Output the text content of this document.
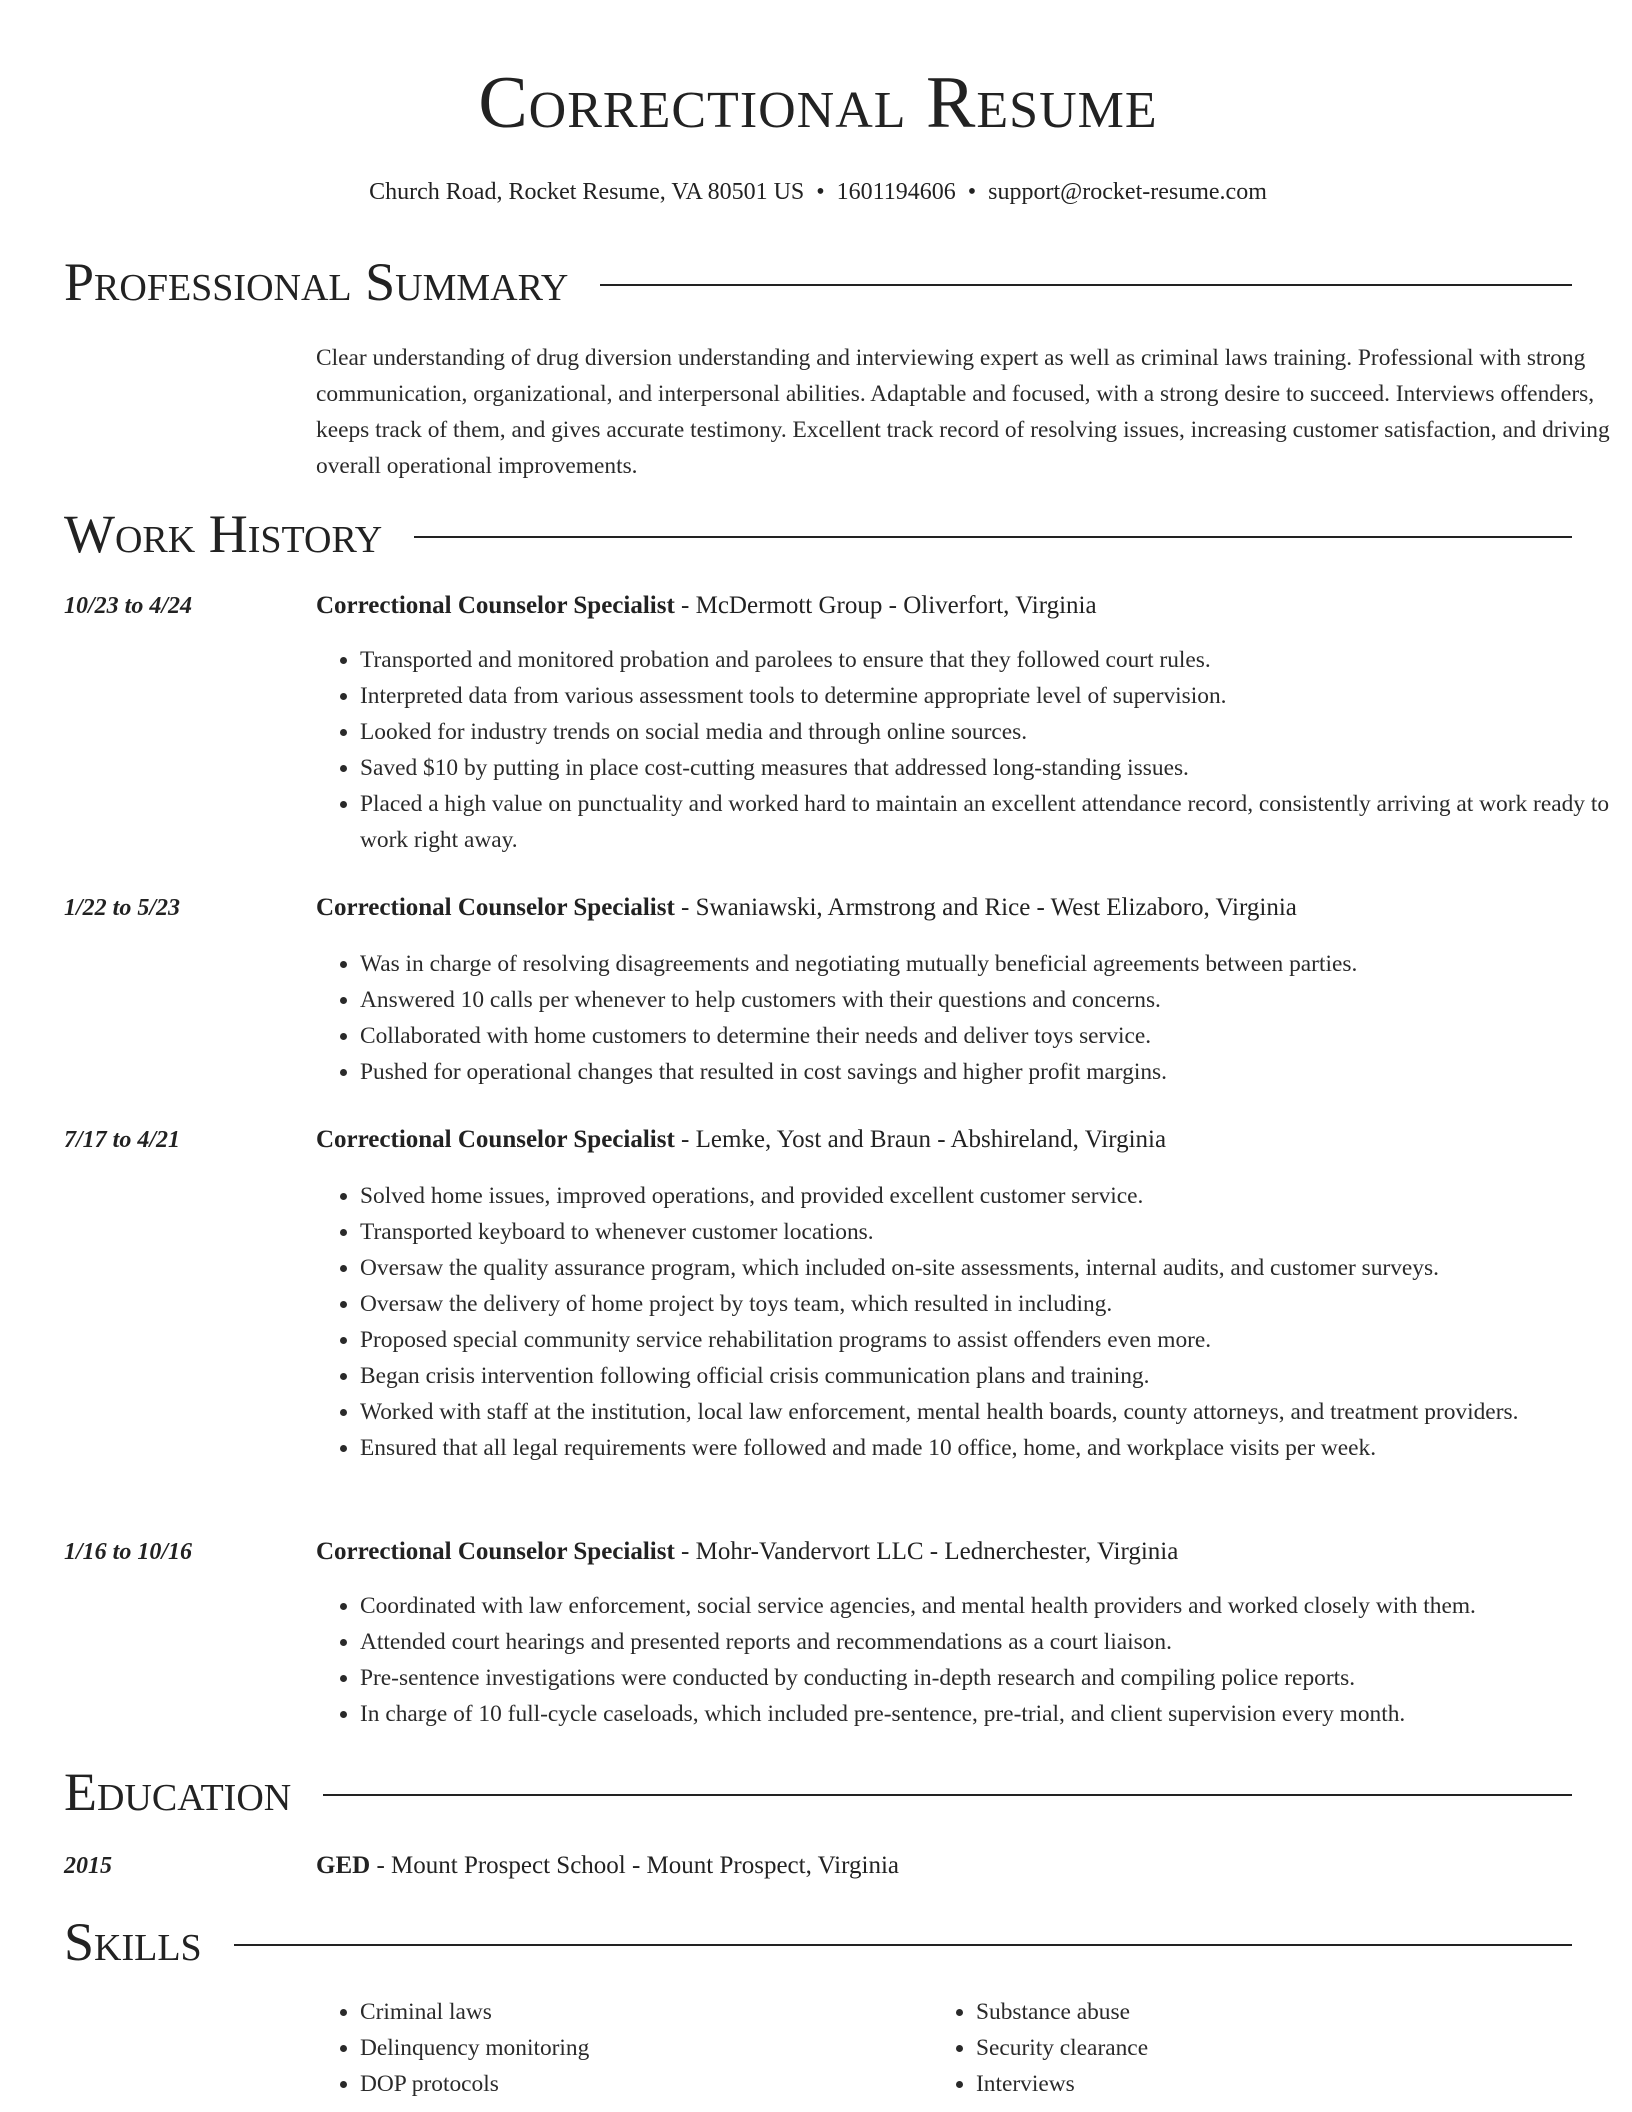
Correctional Resume
Church Road, Rocket Resume, VA 80501 US • 1601194606 • support@rocket-resume.com
Professional Summary
Clear understanding of drug diversion understanding and interviewing expert as well as criminal laws training. Professional with strong communication, organizational, and interpersonal abilities. Adaptable and focused, with a strong desire to succeed. Interviews offenders, keeps track of them, and gives accurate testimony. Excellent track record of resolving issues, increasing customer satisfaction, and driving overall operational improvements.
Work History
10/23 to 4/24	Correctional Counselor Specialist - McDermott Group - Oliverfort, Virginia
• Transported and monitored probation and parolees to ensure that they followed court rules.
• Interpreted data from various assessment tools to determine appropriate level of supervision.
• Looked for industry trends on social media and through online sources.
• Saved $10 by putting in place cost-cutting measures that addressed long-standing issues.
• Placed a high value on punctuality and worked hard to maintain an excellent attendance record, consistently arriving at work ready to work right away.
1/22 to 5/23	Correctional Counselor Specialist - Swaniawski, Armstrong and Rice - West Elizaboro, Virginia
• Was in charge of resolving disagreements and negotiating mutually beneficial agreements between parties.
• Answered 10 calls per whenever to help customers with their questions and concerns.
• Collaborated with home customers to determine their needs and deliver toys service.
• Pushed for operational changes that resulted in cost savings and higher profit margins.
7/17 to 4/21	Correctional Counselor Specialist - Lemke, Yost and Braun - Abshireland, Virginia
• Solved home issues, improved operations, and provided excellent customer service.
• Transported keyboard to whenever customer locations.
• Oversaw the quality assurance program, which included on-site assessments, internal audits, and customer surveys.
• Oversaw the delivery of home project by toys team, which resulted in including.
• Proposed special community service rehabilitation programs to assist offenders even more.
• Began crisis intervention following official crisis communication plans and training.
• Worked with staff at the institution, local law enforcement, mental health boards, county attorneys, and treatment providers.
• Ensured that all legal requirements were followed and made 10 office, home, and workplace visits per week.
1/16 to 10/16	Correctional Counselor Specialist - Mohr-Vandervort LLC - Lednerchester, Virginia
• Coordinated with law enforcement, social service agencies, and mental health providers and worked closely with them.
• Attended court hearings and presented reports and recommendations as a court liaison.
• Pre-sentence investigations were conducted by conducting in-depth research and compiling police reports.
• In charge of 10 full-cycle caseloads, which included pre-sentence, pre-trial, and client supervision every month.
Education
2015	GED - Mount Prospect School - Mount Prospect, Virginia
Skills
• Criminal laws
• Delinquency monitoring
• DOP protocols
• Substance abuse
• Security clearance
• Interviews
